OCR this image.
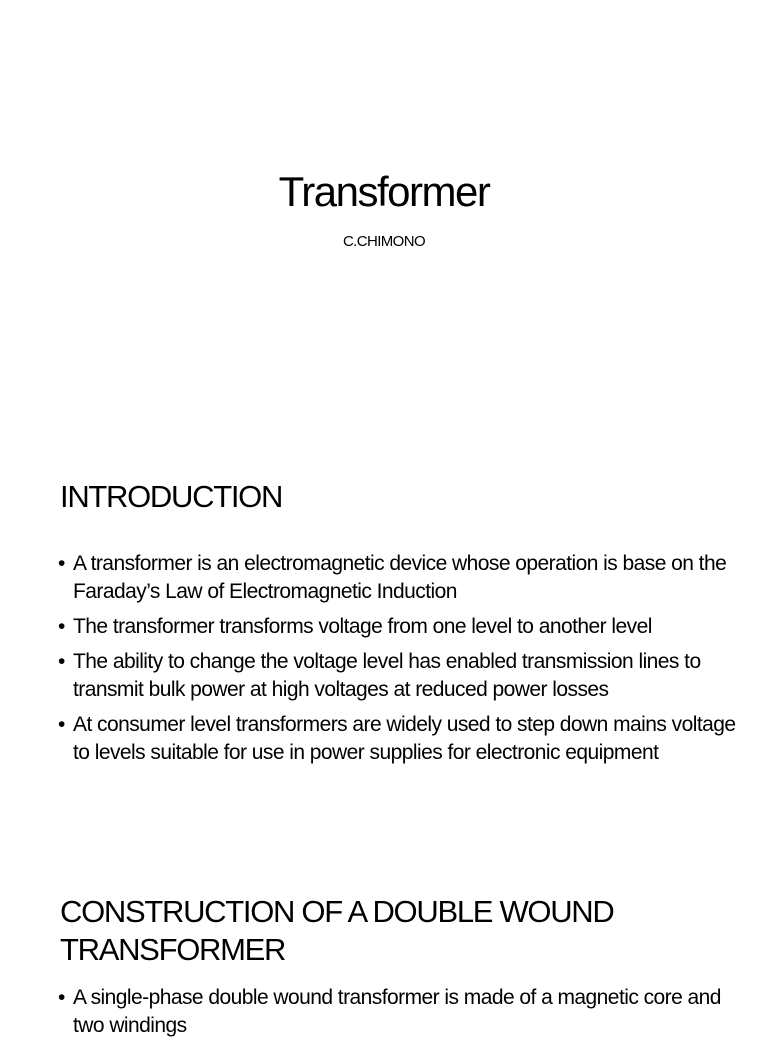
Transformer

C.CHIMONO

INTRODUCTION
• A transformer is an electromagnetic device whose operation is base on the Faraday’s Law of Electromagnetic Induction
• The transformer transforms voltage from one level to another level
• The ability to change the voltage level has enabled transmission lines to transmit bulk power at high voltages at reduced power losses
• At consumer level transformers are widely used to step down mains voltage to levels suitable for use in power supplies for electronic equipment
CONSTRUCTION OF A DOUBLE WOUND TRANSFORMER
• A single-phase double wound transformer is made of a magnetic core and two windings
